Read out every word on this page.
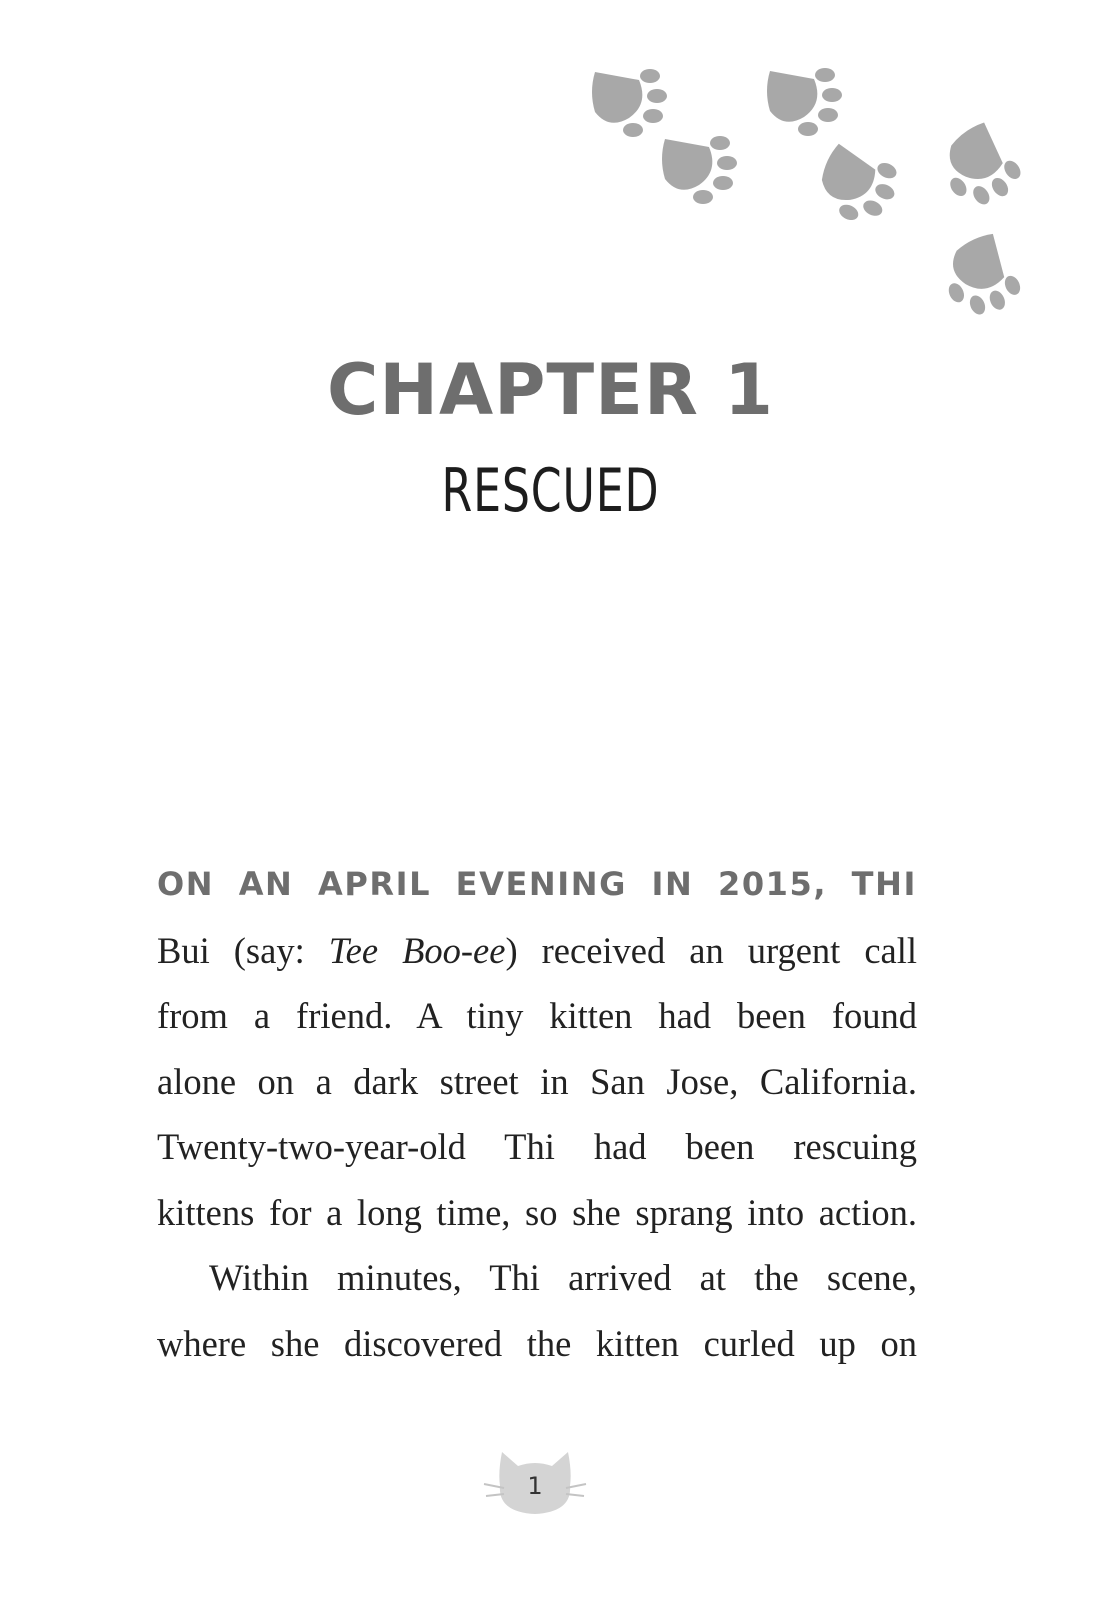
CHAPTER 1
RESCUED
ON AN APRIL EVENING IN 2015, THI
Bui (say: Tee Boo-ee) received an urgent call
from a friend. A tiny kitten had been found
alone on a dark street in San Jose, California.
Twenty-two-year-old Thi had been rescuing
kittens for a long time, so she sprang into action.
Within minutes, Thi arrived at the scene,
where she discovered the kitten curled up on
1
